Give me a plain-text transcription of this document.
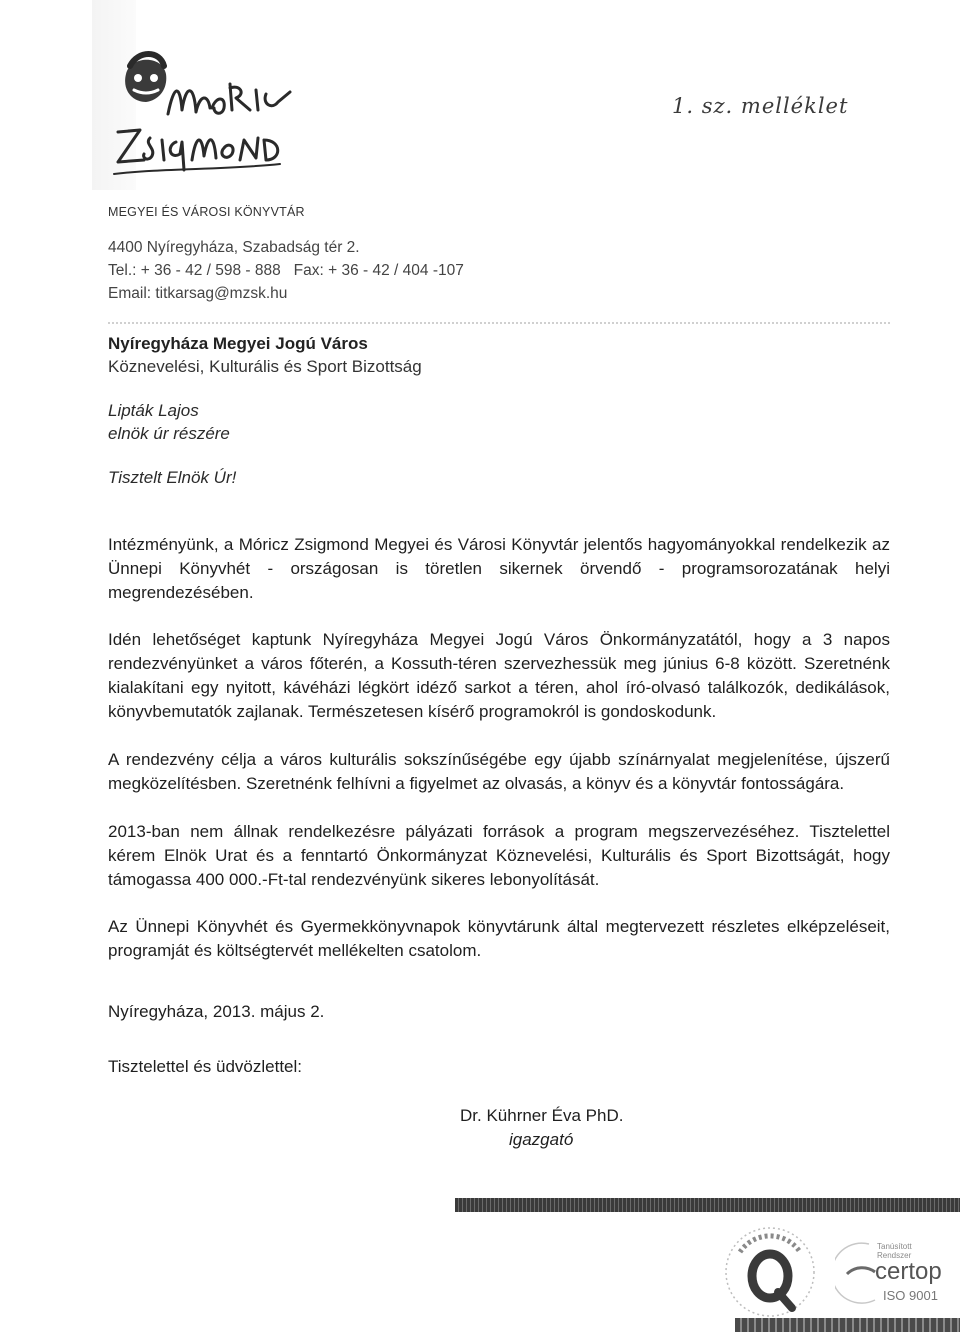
MEGYEI ÉS VÁROSI KÖNYVTÁR
4400 Nyíregyháza, Szabadság tér 2.
Tel.: + 36 - 42 / 598 - 888   Fax: + 36 - 42 / 404 -107
Email: titkarsag@mzsk.hu
1. sz. melléklet
Nyíregyháza Megyei Jogú Város
Köznevelési, Kulturális és Sport Bizottság
Lipták Lajos
elnök úr részére
Tisztelt Elnök Úr!
Intézményünk, a Móricz Zsigmond Megyei és Városi Könyvtár jelentős hagyományokkal rendelkezik az Ünnepi Könyvhét - országosan is töretlen sikernek örvendő - programsorozatának helyi megrendezésében.
Idén lehetőséget kaptunk Nyíregyháza Megyei Jogú Város Önkormányzatától, hogy a 3 napos rendezvényünket a város főterén, a Kossuth-téren szervezhessük meg június 6-8 között. Szeretnénk kialakítani egy nyitott, kávéházi légkört idéző sarkot a téren, ahol író-olvasó találkozók, dedikálások, könyvbemutatók zajlanak. Természetesen kísérő programokról is gondoskodunk.
A rendezvény célja a város kulturális sokszínűségébe egy újabb színárnyalat megjelenítése, újszerű megközelítésben. Szeretnénk felhívni a figyelmet az olvasás, a könyv és a könyvtár fontosságára.
2013-ban nem állnak rendelkezésre pályázati források a program megszervezéséhez. Tisztelettel kérem Elnök Urat és a fenntartó Önkormányzat Köznevelési, Kulturális és Sport Bizottságát, hogy támogassa 400 000.-Ft-tal rendezvényünk sikeres lebonyolítását.
Az Ünnepi Könyvhét és Gyermekkönyvnapok könyvtárunk által megtervezett részletes elképzeléseit, programját és költségtervét mellékelten csatolom.
Nyíregyháza, 2013. május 2.
Tisztelettel és üdvözlettel:
Dr. Kührner Éva PhD.
igazgató
Tanúsított Rendszer
certop
ISO 9001
